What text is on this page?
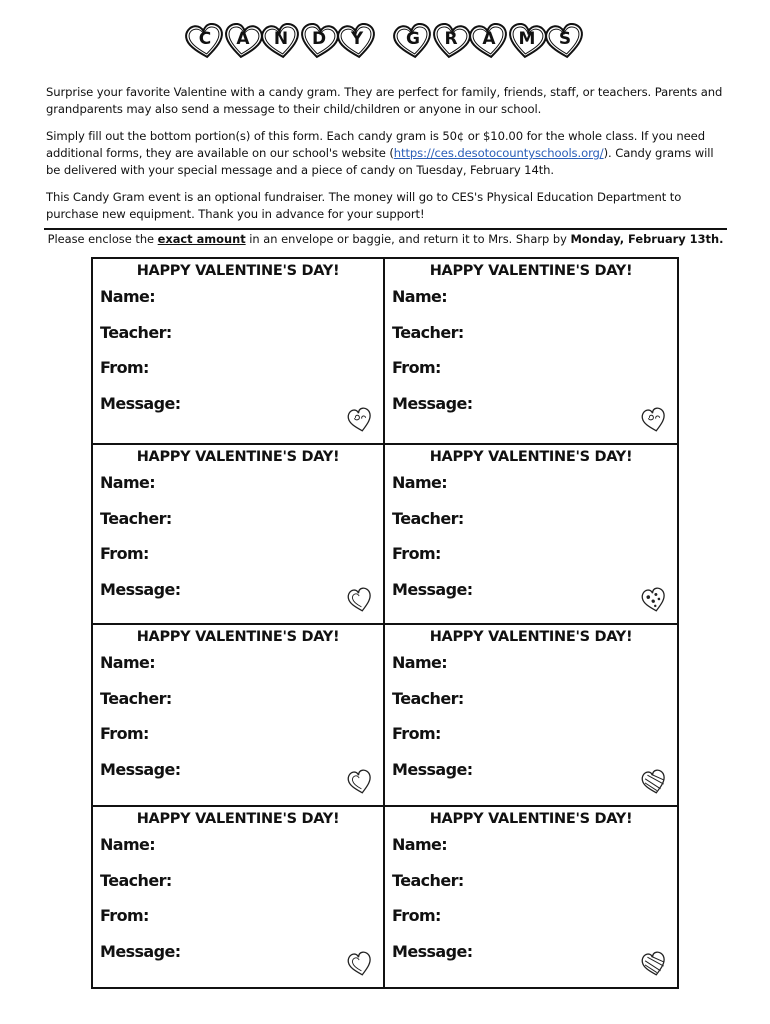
C	A	N	D	Y	G	R	A	M	S

Surprise your favorite Valentine with a candy gram. They are perfect for family, friends, staff, or teachers. Parents and grandparents may also send a message to their child/children or anyone in our school.

Simply fill out the bottom portion(s) of this form. Each candy gram is 50¢ or $10.00 for the whole class. If you need additional forms, they are available on our school's website (https://ces.desotocountyschools.org/). Candy grams will be delivered with your special message and a piece of candy on Tuesday, February 14th.

This Candy Gram event is an optional fundraiser. The money will go to CES's Physical Education Department to purchase new equipment. Thank you in advance for your support!

Please enclose the exact amount in an envelope or baggie, and return it to Mrs. Sharp by Monday, February 13th.

HAPPY VALENTINE'S DAY!

Name:

Teacher:

From:

Message:

HAPPY VALENTINE'S DAY!

Name:

Teacher:

From:

Message:

HAPPY VALENTINE'S DAY!

Name:

Teacher:

From:

Message:

HAPPY VALENTINE'S DAY!

Name:

Teacher:

From:

Message:

HAPPY VALENTINE'S DAY!

Name:

Teacher:

From:

Message:

HAPPY VALENTINE'S DAY!

Name:

Teacher:

From:

Message:

HAPPY VALENTINE'S DAY!

Name:

Teacher:

From:

Message:

HAPPY VALENTINE'S DAY!

Name:

Teacher:

From:

Message:
